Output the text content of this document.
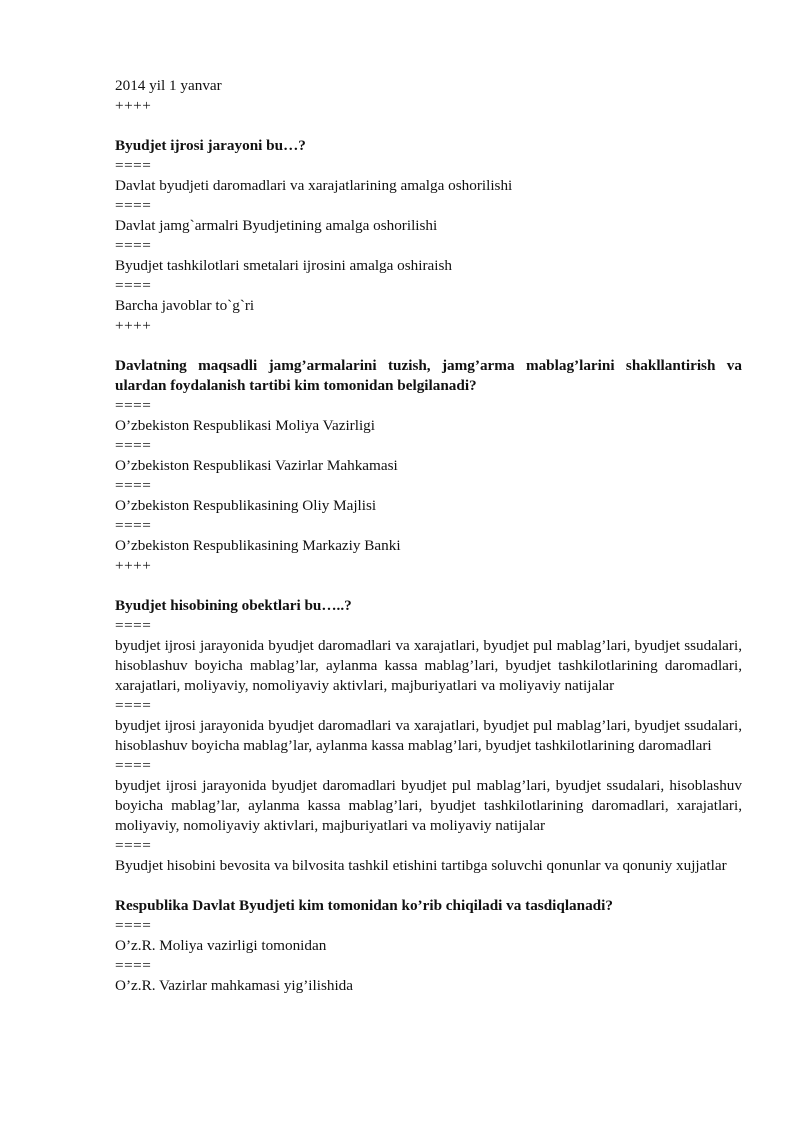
2014 yil 1 yanvar

++++

Byudjet ijrosi jarayoni bu…?

====

Davlat byudjeti daromadlari va xarajatlarining amalga oshorilishi

====

Davlat jamg`armalri Byudjetining amalga oshorilishi

====

Byudjet tashkilotlari smetalari ijrosini amalga oshiraish

====

Barcha javoblar to`g`ri

++++

Davlatning maqsadli jamg’armalarini tuzish, jamg’arma mablag’larini shakllantirish va ulardan foydalanish tartibi kim tomonidan belgilanadi?

====

O’zbekiston Respublikasi Moliya Vazirligi

====

O’zbekiston Respublikasi Vazirlar Mahkamasi

====

O’zbekiston Respublikasining Oliy Majlisi

====

O’zbekiston Respublikasining Markaziy Banki

++++

Byudjet hisobining obektlari bu…..?

====

byudjet ijrosi jarayonida byudjet daromadlari va xarajatlari, byudjet pul mablag’lari, byudjet ssudalari, hisoblashuv boyicha mablag’lar, aylanma kassa mablag’lari, byudjet tashkilotlarining daromadlari, xarajatlari, moliyaviy, nomoliyaviy aktivlari, majburiyatlari va moliyaviy natijalar

====

byudjet ijrosi jarayonida byudjet daromadlari va xarajatlari, byudjet pul mablag’lari, byudjet ssudalari, hisoblashuv boyicha mablag’lar, aylanma kassa mablag’lari, byudjet tashkilotlarining daromadlari

====

byudjet ijrosi jarayonida byudjet daromadlari byudjet pul mablag’lari, byudjet ssudalari, hisoblashuv boyicha mablag’lar, aylanma kassa mablag’lari, byudjet tashkilotlarining daromadlari, xarajatlari, moliyaviy, nomoliyaviy aktivlari, majburiyatlari va moliyaviy natijalar

====

Byudjet hisobini bevosita va bilvosita tashkil etishini tartibga soluvchi qonunlar va qonuniy xujjatlar

Respublika Davlat Byudjeti kim tomonidan ko’rib chiqiladi va tasdiqlanadi?

====

O’z.R. Moliya vazirligi tomonidan

====

O’z.R. Vazirlar mahkamasi yig’ilishida
